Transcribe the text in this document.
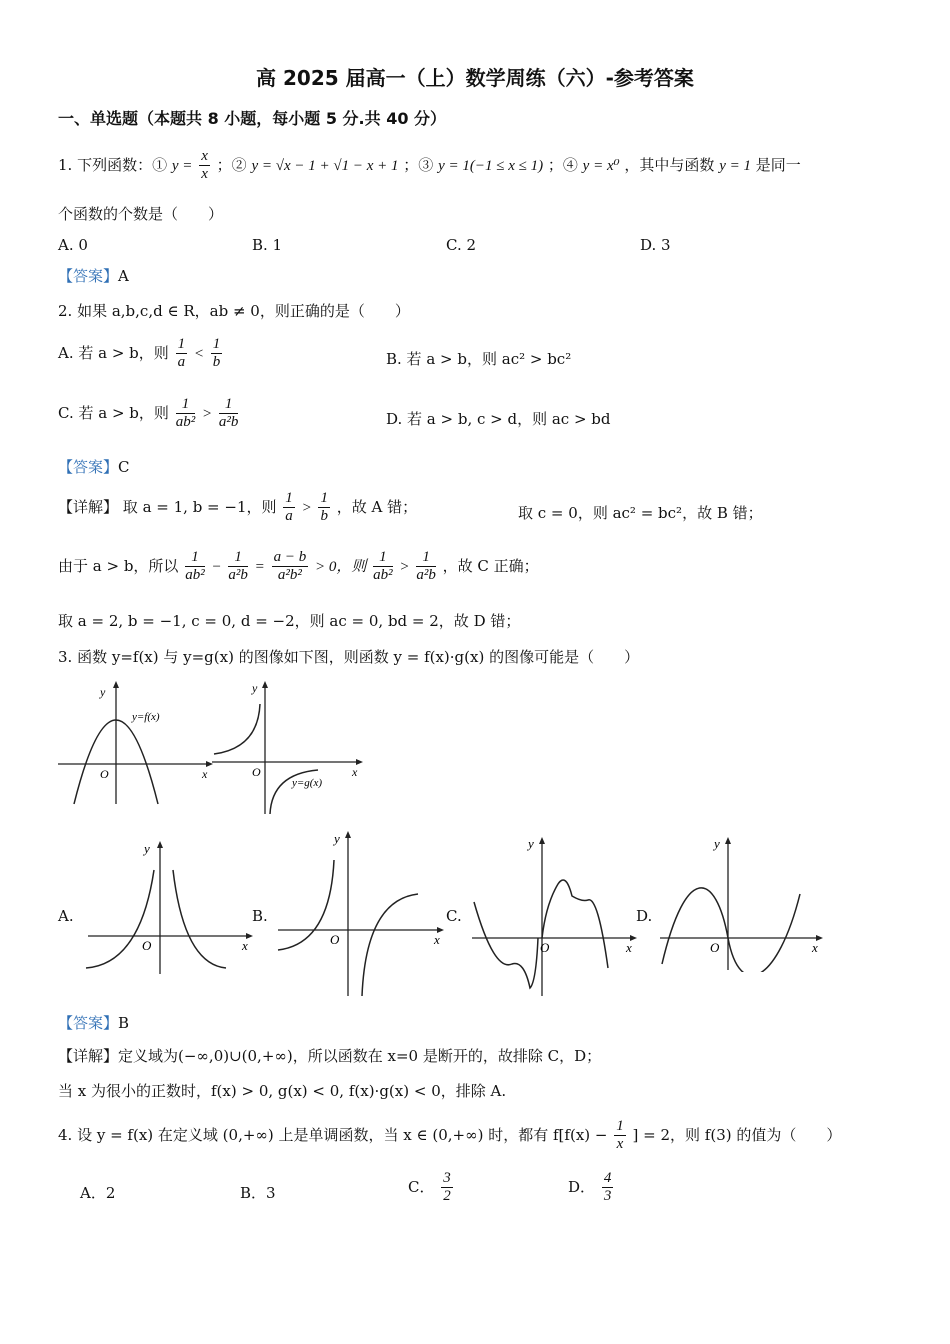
高 2025 届高一（上）数学周练（六）-参考答案
一、单选题（本题共 8 小题，每小题 5 分.共 40 分）
1. 下列函数：① $y = \frac{x}{x}$ ；② y = √x − 1 + √1 − x + 1 ；③ y = 1(−1 ≤ x ≤ 1) ；④ y = x⁰ ，其中与函数 y = 1 是同一
个函数的个数是（　　）
A. 0	B. 1	C. 2	D. 3
【答案】A
2. 如果 a,b,c,d ∈ R，ab ≠ 0，则正确的是（　　）
A. 若 a > b，则 $\frac{1}{a} < \frac{1}{b}$	B. 若 a > b，则 ac² > bc²
C. 若 a > b，则 $\frac{1}{\text{ab²}} > \frac{1}{\text{a²b}}$	D. 若 a > b, c > d，则 ac > bd
【答案】C
【详解】 取 a = 1, b = −1，则 $\frac{1}{a} > \frac{1}{b}$ ，故 A 错；	取 c = 0，则 ac² = bc²，故 B 错；
由于 a > b，所以 $\frac{1}{\text{ab²}} - \frac{1}{\text{a²b}} = \frac{a - b}{\text{a²b²}} > 0$，则 $\frac{1}{\text{ab²}} > \frac{1}{\text{a²b}}$ ，故 C 正确；
取 a = 2, b = −1, c = 0, d = −2，则 ac = 0, bd = 2，故 D 错；
3. 函数 y=f(x) 与 y=g(x) 的图像如下图，则函数 y = f(x)·g(x) 的图像可能是（　　）
y
x
O
y=f(x)
y
x
O
y=g(x)
A.	B.	C.	D.
y
x
O
y
x
O
y
x
O
y
x
O
【答案】B
【详解】定义域为(−∞,0)∪(0,+∞)，所以函数在 x=0 是断开的，故排除 C，D；
当 x 为很小的正数时，f(x) > 0, g(x) < 0, f(x)·g(x) < 0，排除 A.
4. 设 y = f(x) 在定义域 (0,+∞) 上是单调函数，当 x ∈ (0,+∞) 时，都有 $f[f(x) - \frac{1}{x}$ ] = 2，则 f(3) 的值为（　　）
A．2	B．3	C． $\frac{3}{2}$	D． $\frac{4}{3}$
